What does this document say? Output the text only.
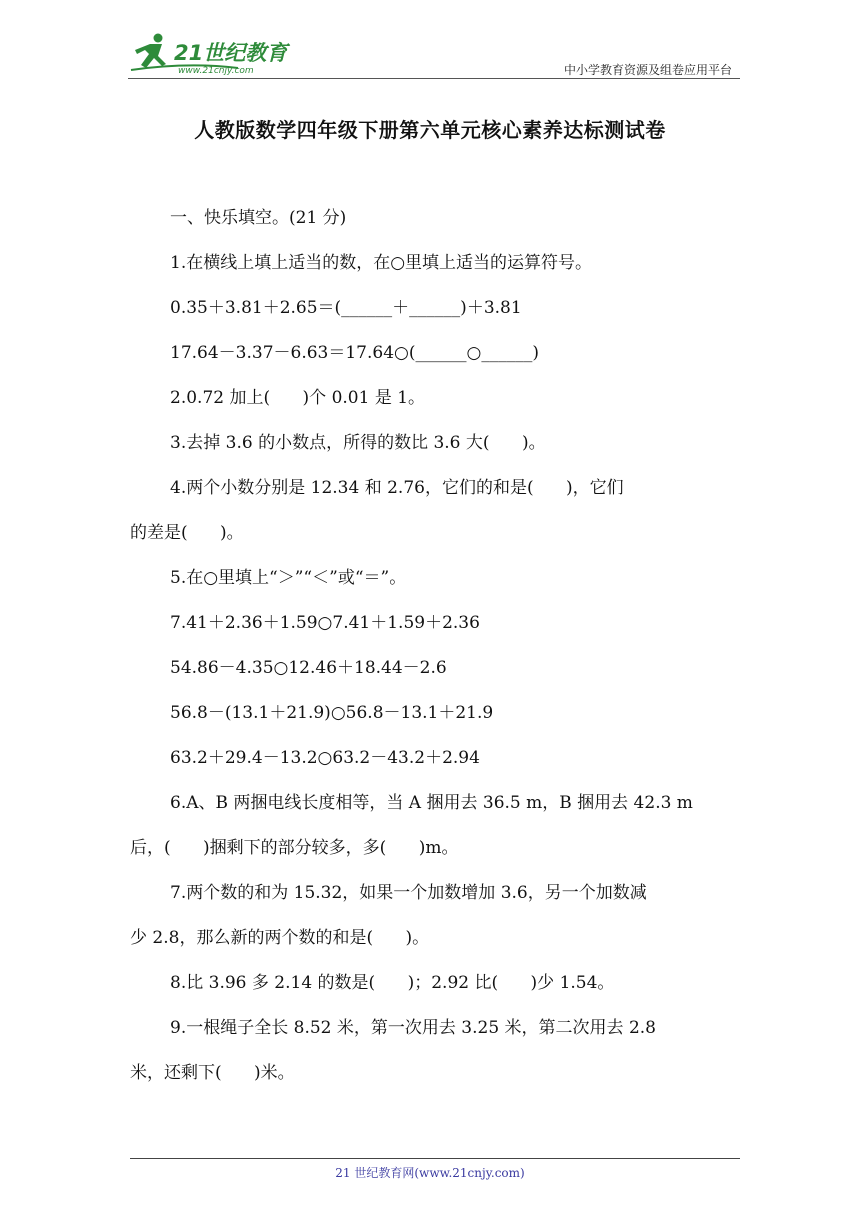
21世纪教育
www.21cnjy.com	中小学教育资源及组卷应用平台
人教版数学四年级下册第六单元核心素养达标测试卷
一、快乐填空。(21 分)
1.在横线上填上适当的数，在○里填上适当的运算符号。
0.35＋3.81＋2.65＝(______＋______)＋3.81
17.64－3.37－6.63＝17.64○(______○______)
2.0.72 加上(      )个 0.01 是 1。
3.去掉 3.6 的小数点，所得的数比 3.6 大(      )。
4.两个小数分别是 12.34 和 2.76，它们的和是(      )，它们
的差是(      )。
5.在○里填上“＞”“＜”或“＝”。
7.41＋2.36＋1.59○7.41＋1.59＋2.36
54.86－4.35○12.46＋18.44－2.6
56.8－(13.1＋21.9)○56.8－13.1＋21.9
63.2＋29.4－13.2○63.2－43.2＋2.94
6.A、B 两捆电线长度相等，当 A 捆用去 36.5 m，B 捆用去 42.3 m
后，(      )捆剩下的部分较多，多(      )m。
7.两个数的和为 15.32，如果一个加数增加 3.6，另一个加数减
少 2.8，那么新的两个数的和是(      )。
8.比 3.96 多 2.14 的数是(      )；2.92 比(      )少 1.54。
9.一根绳子全长 8.52 米，第一次用去 3.25 米，第二次用去 2.8
米，还剩下(      )米。
21 世纪教育网(www.21cnjy.com)
